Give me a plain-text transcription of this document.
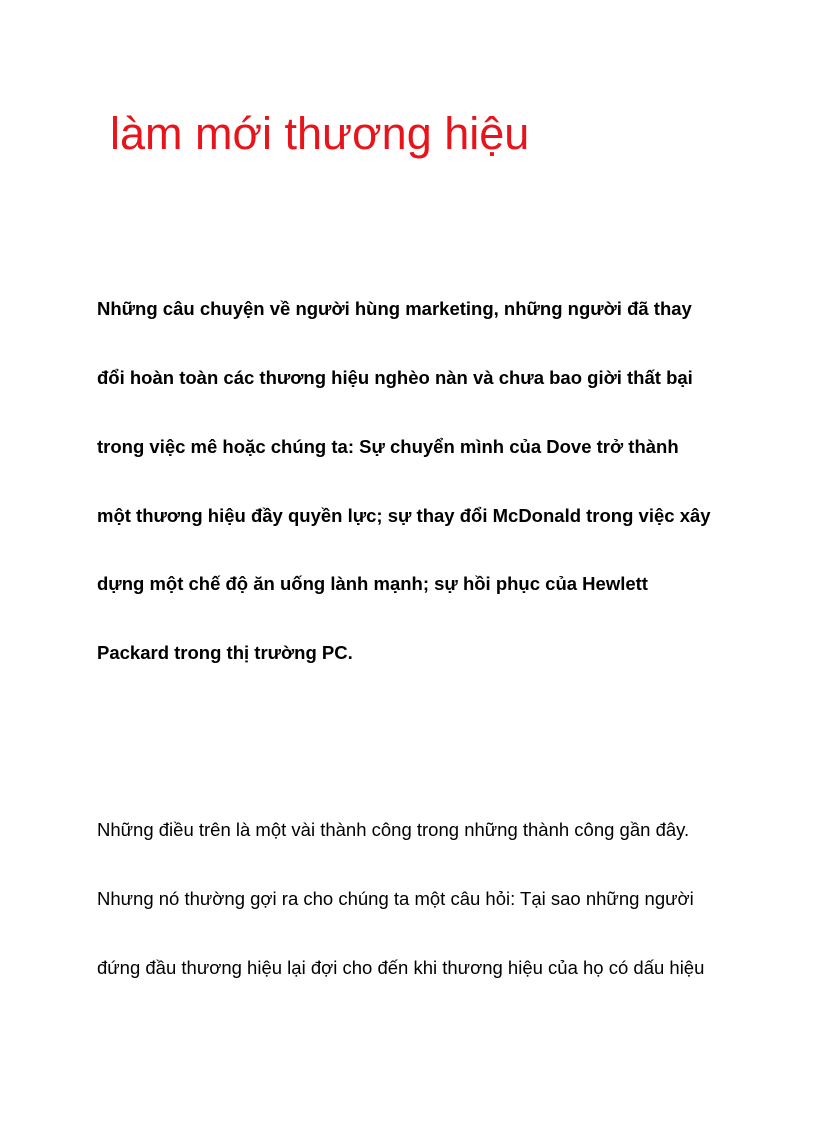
làm mới thương hiệu

Những câu chuyện về người hùng marketing, những người đã thay

đổi hoàn toàn các thương hiệu nghèo nàn và chưa bao giời thất bại

trong việc mê hoặc chúng ta: Sự chuyển mình của Dove trở thành

một thương hiệu đầy quyền lực; sự thay đổi McDonald trong việc xây

dựng một chế độ ăn uống lành mạnh; sự hồi phục của Hewlett

Packard trong thị trường PC.

Những điều trên là một vài thành công trong những thành công gần đây.

Nhưng nó thường gợi ra cho chúng ta một câu hỏi: Tại sao những người

đứng đầu thương hiệu lại đợi cho đến khi thương hiệu của họ có dấu hiệu
